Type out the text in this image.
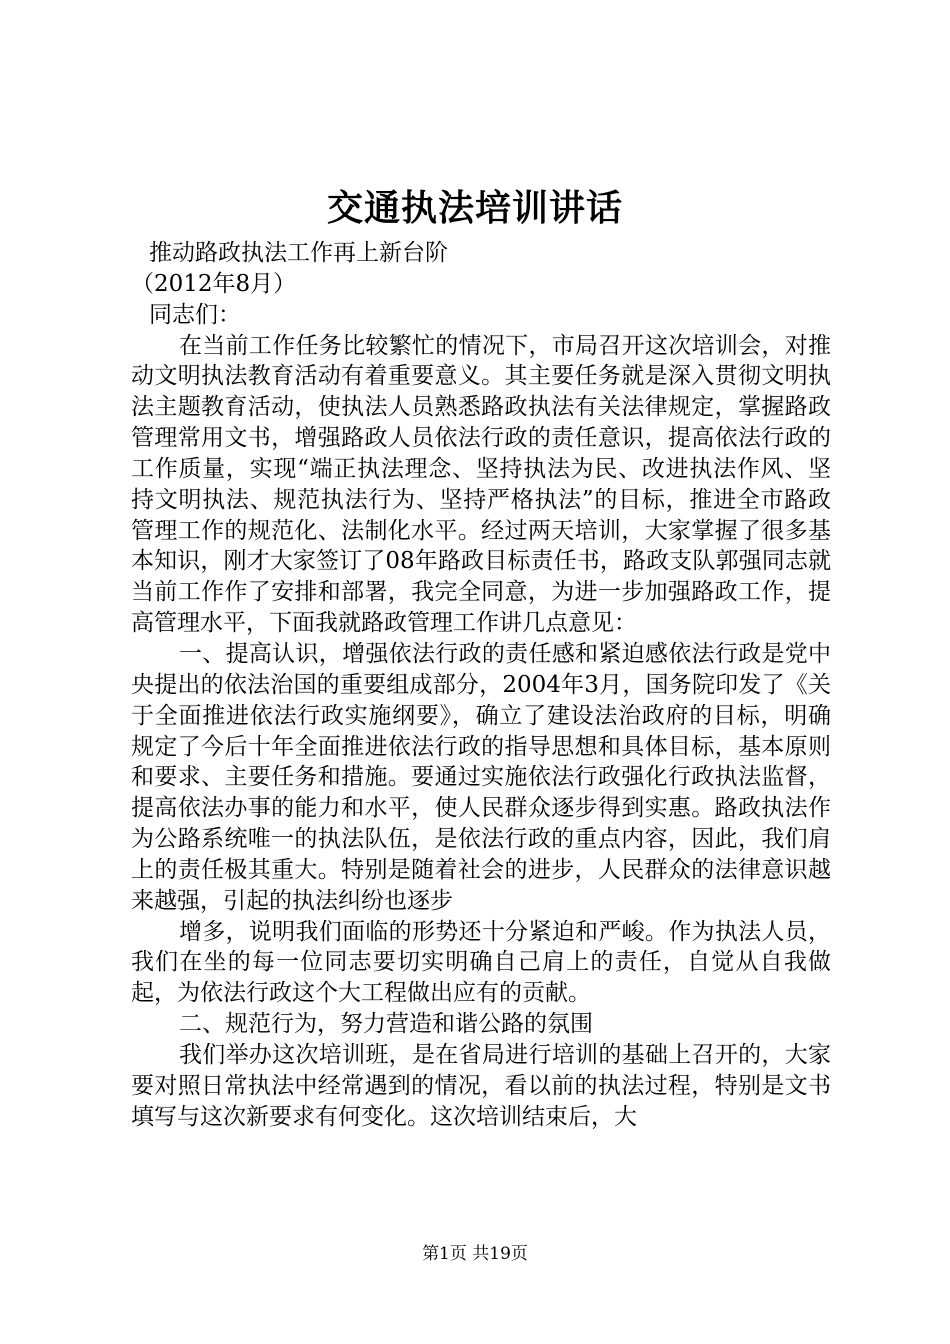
交通执法培训讲话

推动路政执法工作再上新台阶

（2012年8月）

同志们：

在当前工作任务比较繁忙的情况下，市局召开这次培训会，对推动文明执法教育活动有着重要意义。其主要任务就是深入贯彻文明执法主题教育活动，使执法人员熟悉路政执法有关法律规定，掌握路政管理常用文书，增强路政人员依法行政的责任意识，提高依法行政的工作质量，实现“端正执法理念、坚持执法为民、改进执法作风、坚持文明执法、规范执法行为、坚持严格执法”的目标，推进全市路政管理工作的规范化、法制化水平。经过两天培训，大家掌握了很多基本知识，刚才大家签订了08年路政目标责任书，路政支队郭强同志就当前工作作了安排和部署，我完全同意，为进一步加强路政工作，提高管理水平，下面我就路政管理工作讲几点意见：

一、提高认识，增强依法行政的责任感和紧迫感依法行政是党中央提出的依法治国的重要组成部分，2004年3月，国务院印发了《关于全面推进依法行政实施纲要》，确立了建设法治政府的目标，明确规定了今后十年全面推进依法行政的指导思想和具体目标，基本原则和要求、主要任务和措施。要通过实施依法行政强化行政执法监督，提高依法办事的能力和水平，使人民群众逐步得到实惠。路政执法作为公路系统唯一的执法队伍，是依法行政的重点内容，因此，我们肩上的责任极其重大。特别是随着社会的进步，人民群众的法律意识越来越强，引起的执法纠纷也逐步

增多，说明我们面临的形势还十分紧迫和严峻。作为执法人员，我们在坐的每一位同志要切实明确自己肩上的责任，自觉从自我做起，为依法行政这个大工程做出应有的贡献。

二、规范行为，努力营造和谐公路的氛围

我们举办这次培训班，是在省局进行培训的基础上召开的，大家要对照日常执法中经常遇到的情况，看以前的执法过程，特别是文书填写与这次新要求有何变化。这次培训结束后，大

第1页 共19页
